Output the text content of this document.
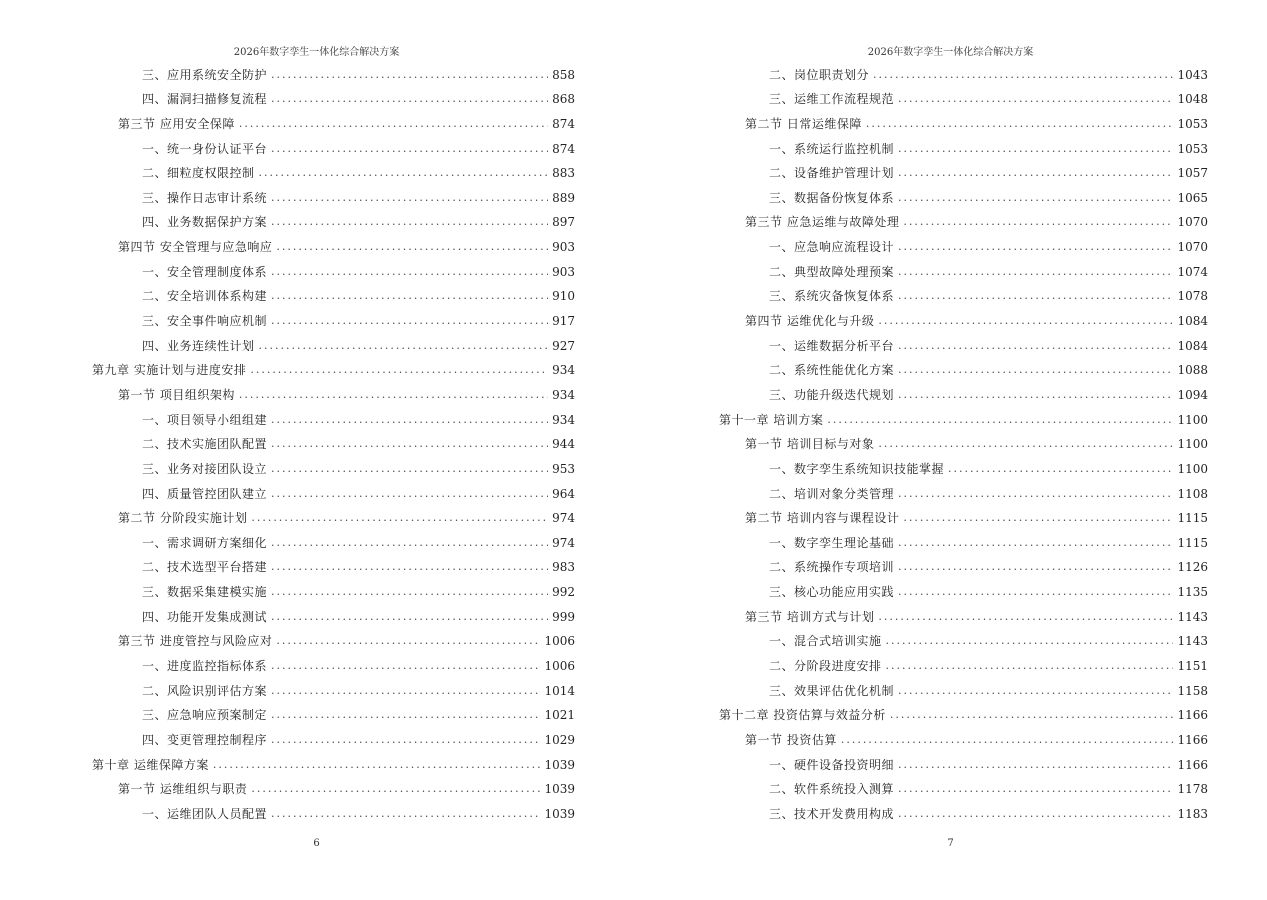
2026年数字孪生一体化综合解决方案
三、应用系统安全防护 .....	858
四、漏洞扫描修复流程 .....	868
第三节 应用安全保障 .....	874
一、统一身份认证平台 .....	874
二、细粒度权限控制 .....	883
三、操作日志审计系统 .....	889
四、业务数据保护方案 .....	897
第四节 安全管理与应急响应 .....	903
一、安全管理制度体系 .....	903
二、安全培训体系构建 .....	910
三、安全事件响应机制 .....	917
四、业务连续性计划 .....	927
第九章 实施计划与进度安排 .....	934
第一节 项目组织架构 .....	934
一、项目领导小组组建 .....	934
二、技术实施团队配置 .....	944
三、业务对接团队设立 .....	953
四、质量管控团队建立 .....	964
第二节 分阶段实施计划 .....	974
一、需求调研方案细化 .....	974
二、技术选型平台搭建 .....	983
三、数据采集建模实施 .....	992
四、功能开发集成测试 .....	999
第三节 进度管控与风险应对 .....	1006
一、进度监控指标体系 .....	1006
二、风险识别评估方案 .....	1014
三、应急响应预案制定 .....	1021
四、变更管理控制程序 .....	1029
第十章 运维保障方案 .....	1039
第一节 运维组织与职责 .....	1039
一、运维团队人员配置 .....	1039
6
2026年数字孪生一体化综合解决方案
二、岗位职责划分 .....	1043
三、运维工作流程规范 .....	1048
第二节 日常运维保障 .....	1053
一、系统运行监控机制 .....	1053
二、设备维护管理计划 .....	1057
三、数据备份恢复体系 .....	1065
第三节 应急运维与故障处理 .....	1070
一、应急响应流程设计 .....	1070
二、典型故障处理预案 .....	1074
三、系统灾备恢复体系 .....	1078
第四节 运维优化与升级 .....	1084
一、运维数据分析平台 .....	1084
二、系统性能优化方案 .....	1088
三、功能升级迭代规划 .....	1094
第十一章 培训方案 .....	1100
第一节 培训目标与对象 .....	1100
一、数字孪生系统知识技能掌握 .....	1100
二、培训对象分类管理 .....	1108
第二节 培训内容与课程设计 .....	1115
一、数字孪生理论基础 .....	1115
二、系统操作专项培训 .....	1126
三、核心功能应用实践 .....	1135
第三节 培训方式与计划 .....	1143
一、混合式培训实施 .....	1143
二、分阶段进度安排 .....	1151
三、效果评估优化机制 .....	1158
第十二章 投资估算与效益分析 .....	1166
第一节 投资估算 .....	1166
一、硬件设备投资明细 .....	1166
二、软件系统投入测算 .....	1178
三、技术开发费用构成 .....	1183
7
